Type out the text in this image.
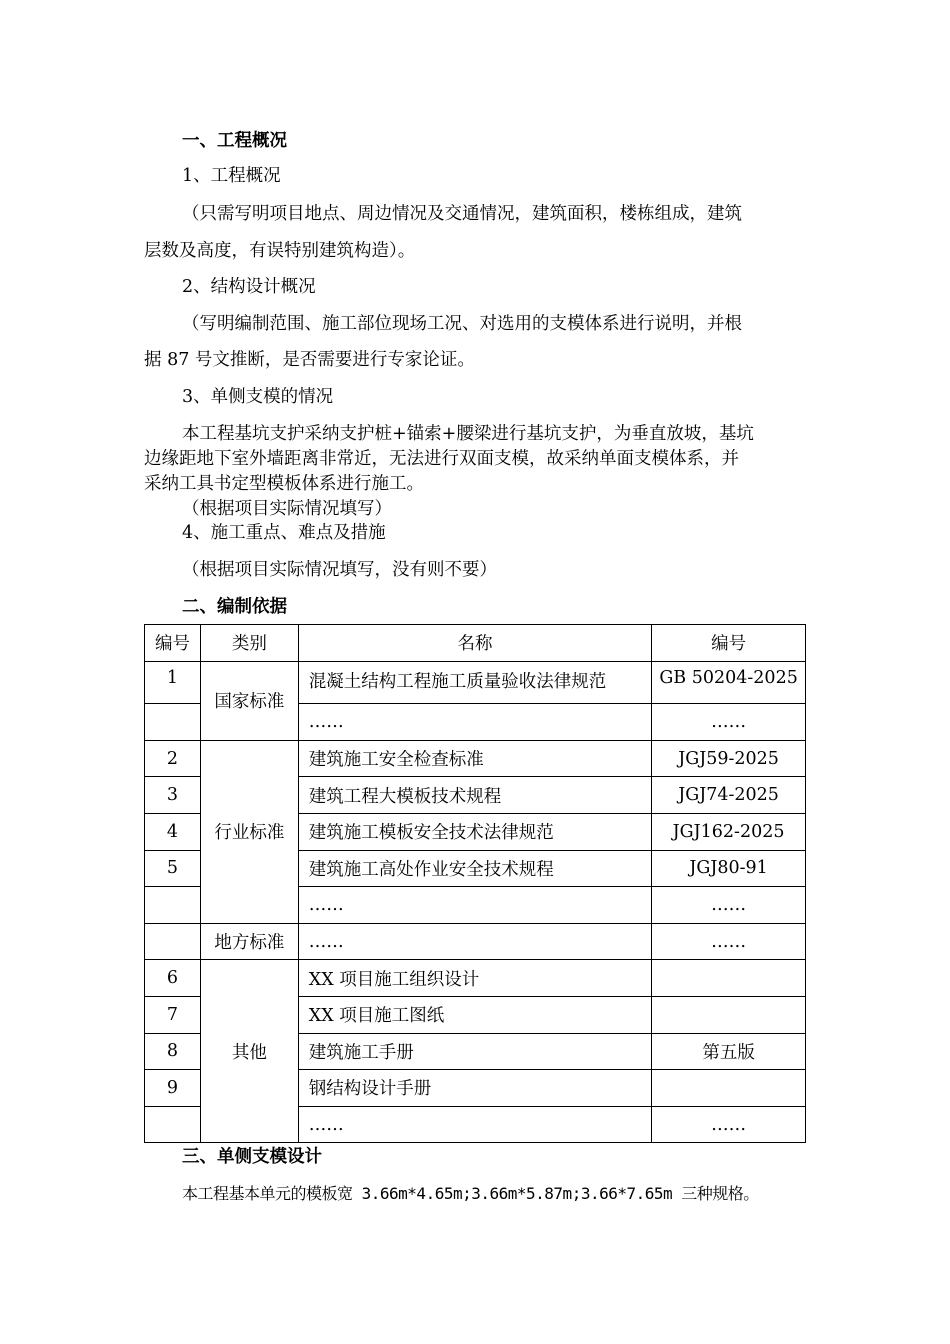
一、工程概况
1、工程概况
（只需写明项目地点、周边情况及交通情况，建筑面积，楼栋组成，建筑
层数及高度，有误特别建筑构造）。
2、结构设计概况
（写明编制范围、施工部位现场工况、对选用的支模体系进行说明，并根
据 87 号文推断，是否需要进行专家论证。
3、单侧支模的情况
本工程基坑支护采纳支护桩+锚索+腰梁进行基坑支护，为垂直放坡，基坑
边缘距地下室外墙距离非常近，无法进行双面支模，故采纳单面支模体系，并
采纳工具书定型模板体系进行施工。
（根据项目实际情况填写）
4、施工重点、难点及措施
（根据项目实际情况填写，没有则不要）
二、编制依据
编号	类别	名称	编号
1	国家标准	混凝土结构工程施工质量验收法律规范	GB 50204-2025
		……	……
2	行业标准	建筑施工安全检查标准	JGJ59-2025
3		建筑工程大模板技术规程	JGJ74-2025
4		建筑施工模板安全技术法律规范	JGJ162-2025
5		建筑施工高处作业安全技术规程	JGJ80-91
		……	……
	地方标准	……	……
6	其他	XX 项目施工组织设计	
7		XX 项目施工图纸	
8		建筑施工手册	第五版
9		钢结构设计手册	
		……	……
三、单侧支模设计
本工程基本单元的模板宽 3.66m*4.65m;3.66m*5.87m;3.66*7.65m 三种规格。
